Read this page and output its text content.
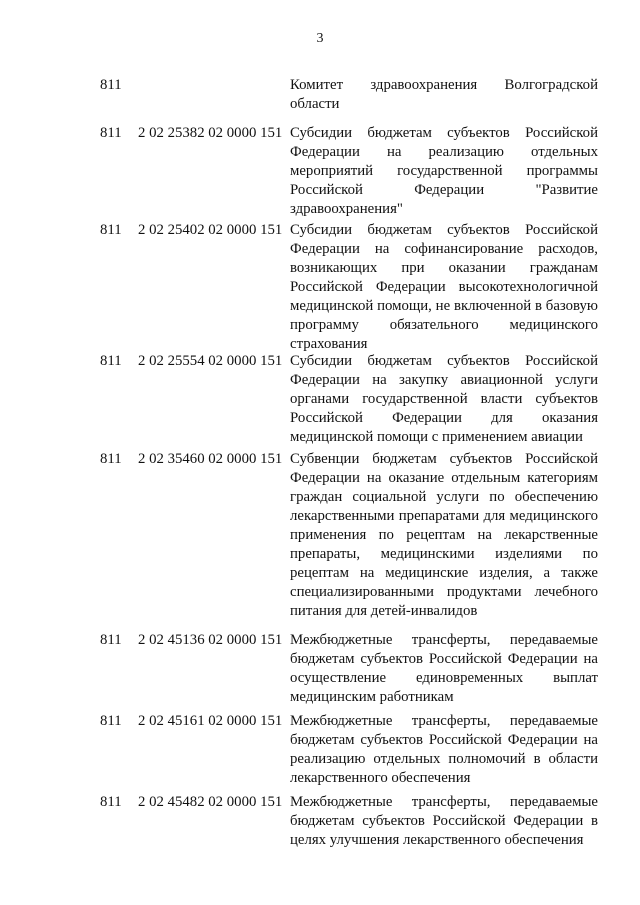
3
811	Комитет здравоохранения Волгоградской области
811 2 02 25382 02 0000 151 Субсидии бюджетам субъектов Российской Федерации на реализацию отдельных мероприятий государственной программы Российской Федерации "Развитие здравоохранения"
811 2 02 25402 02 0000 151 Субсидии бюджетам субъектов Российской Федерации на софинансирование расходов, возникающих при оказании гражданам Российской Федерации высокотехнологичной медицинской помощи, не включенной в базовую программу обязательного медицинского страхования
811 2 02 25554 02 0000 151 Субсидии бюджетам субъектов Российской Федерации на закупку авиационной услуги органами государственной власти субъектов Российской Федерации для оказания медицинской помощи с применением авиации
811 2 02 35460 02 0000 151 Субвенции бюджетам субъектов Российской Федерации на оказание отдельным категориям граждан социальной услуги по обеспечению лекарственными препаратами для медицинского применения по рецептам на лекарственные препараты, медицинскими изделиями по рецептам на медицинские изделия, а также специализированными продуктами лечебного питания для детей-инвалидов
811 2 02 45136 02 0000 151 Межбюджетные трансферты, передаваемые бюджетам субъектов Российской Федерации на осуществление единовременных выплат медицинским работникам
811 2 02 45161 02 0000 151 Межбюджетные трансферты, передаваемые бюджетам субъектов Российской Федерации на реализацию отдельных полномочий в области лекарственного обеспечения
811 2 02 45482 02 0000 151 Межбюджетные трансферты, передаваемые бюджетам субъектов Российской Федерации в целях улучшения лекарственного обеспечения
